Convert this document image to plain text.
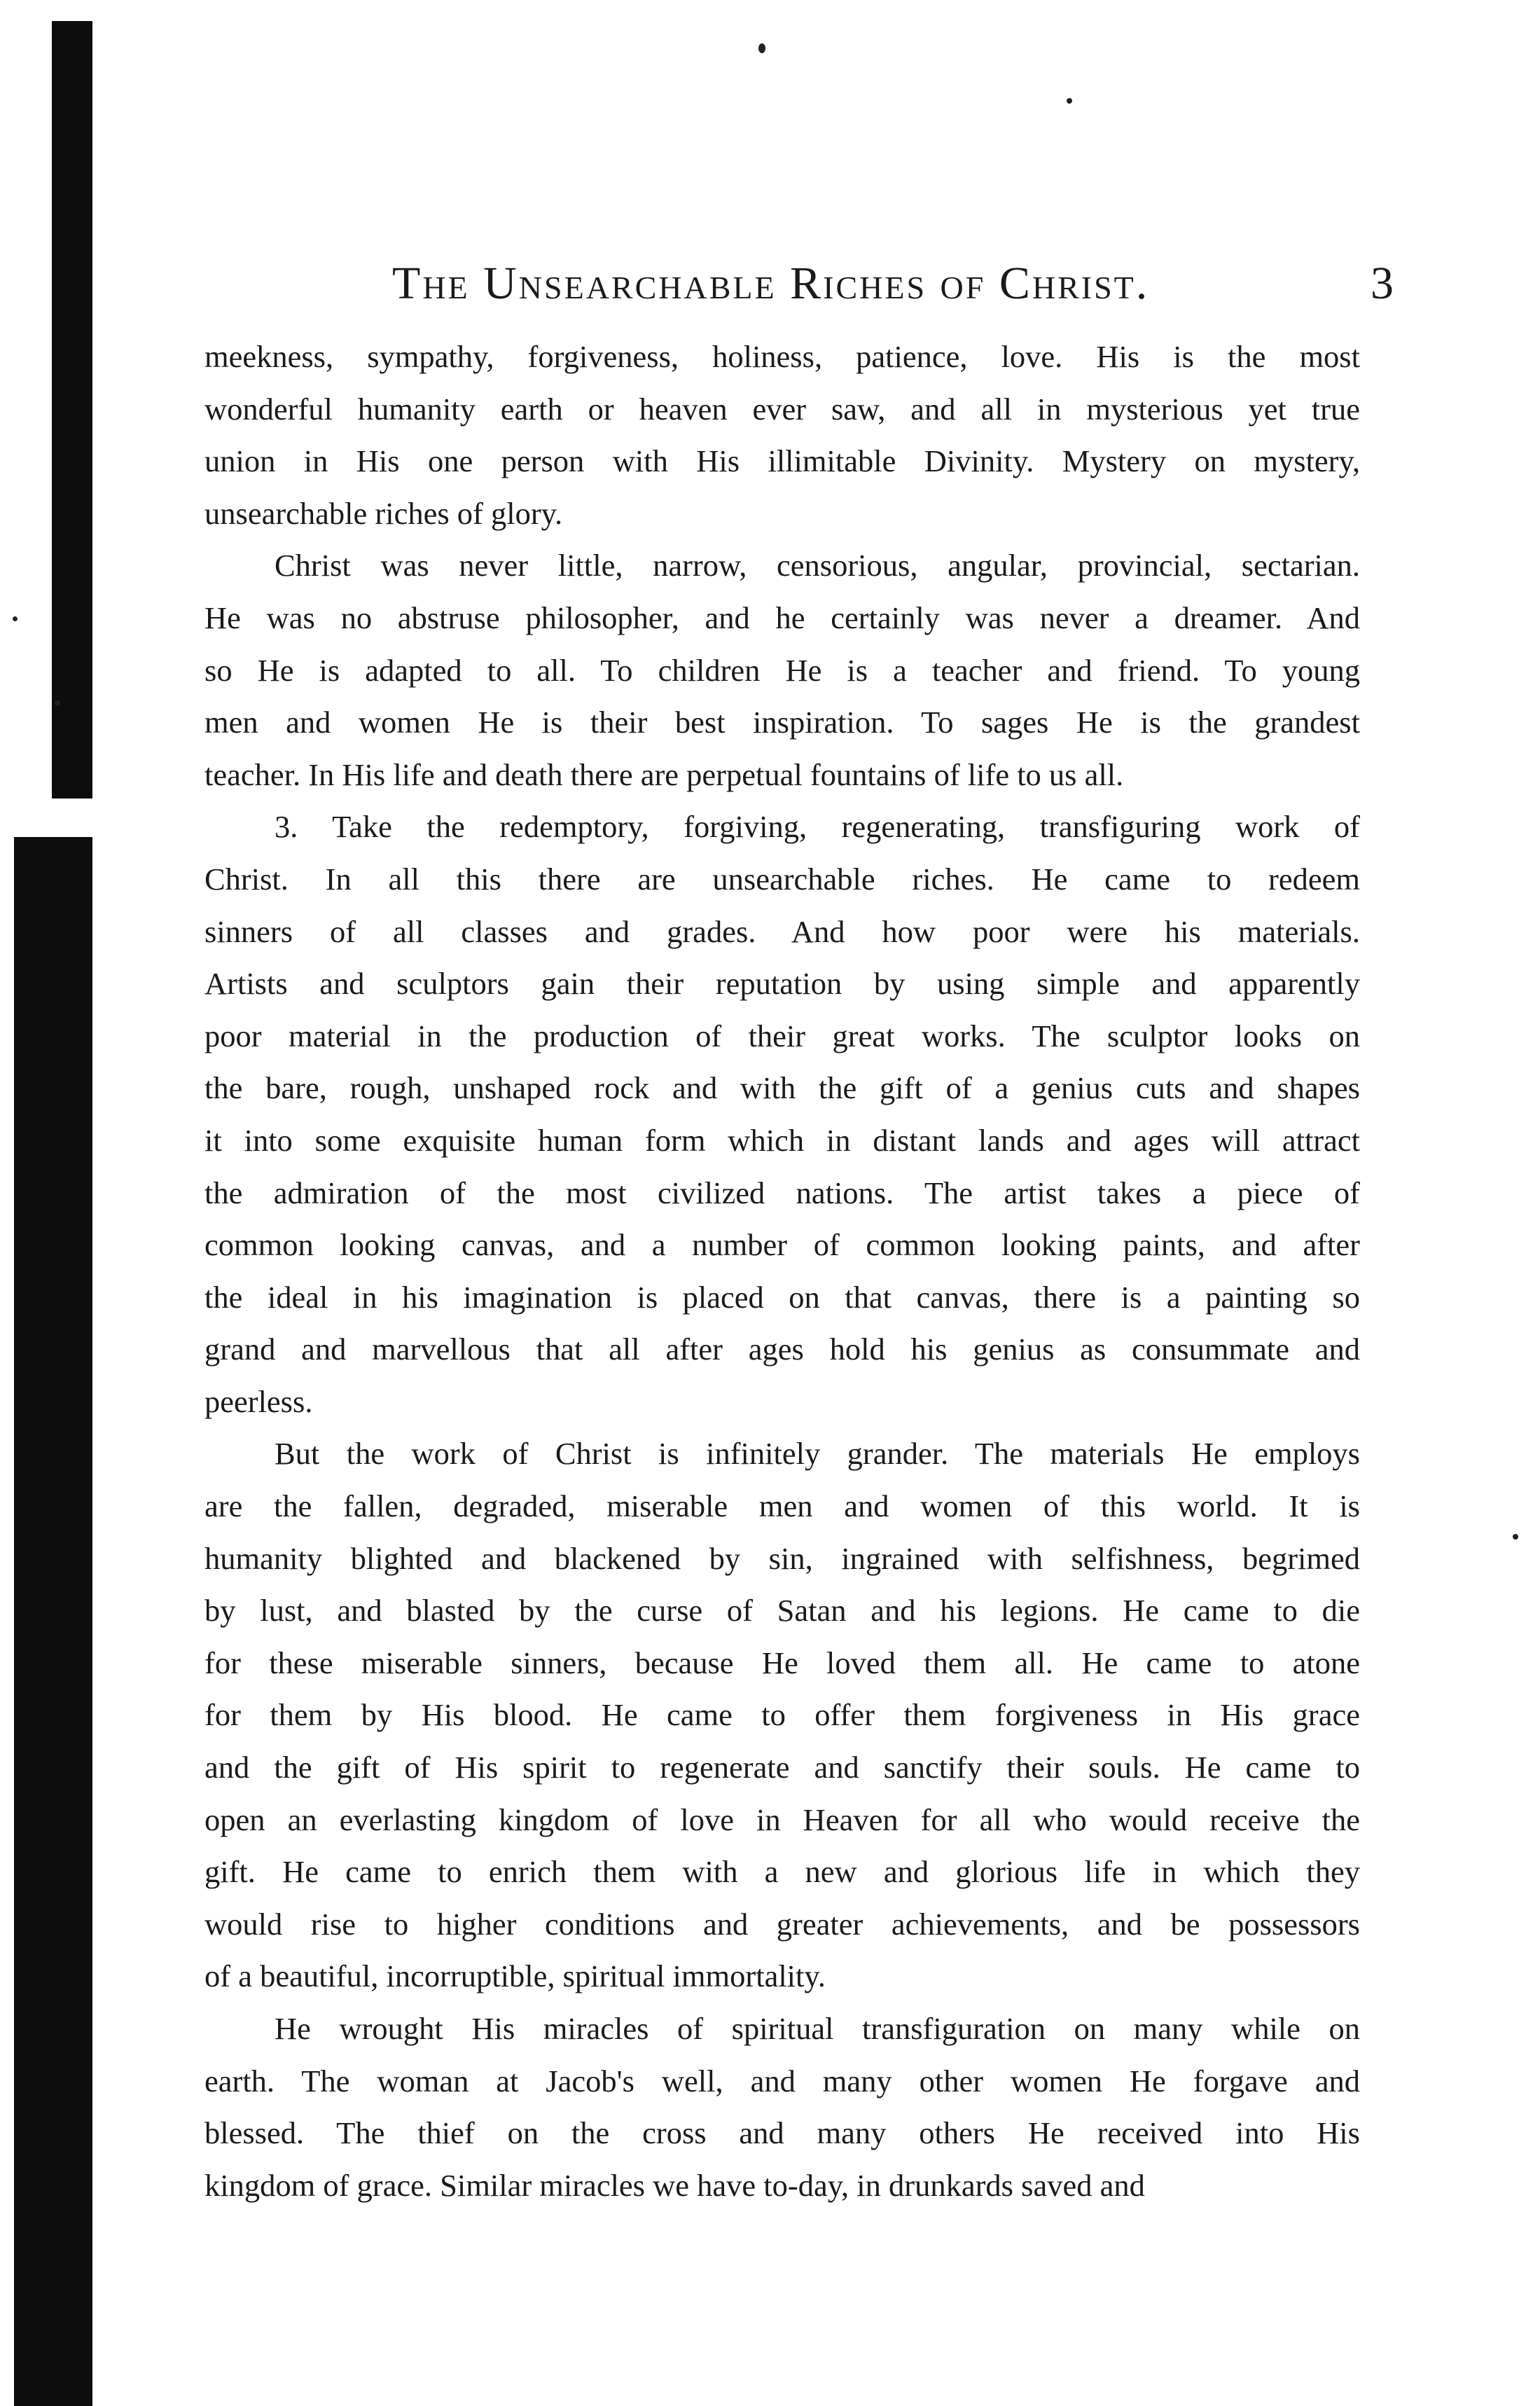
The Unsearchable Riches of Christ.	3
meekness, sympathy, forgiveness, holiness, patience, love. His is the most
wonderful humanity earth or heaven ever saw, and all in mysterious yet true
union in His one person with His illimitable Divinity. Mystery on mystery,
unsearchable riches of glory.
Christ was never little, narrow, censorious, angular, provincial, sectarian.
He was no abstruse philosopher, and he certainly was never a dreamer. And
so He is adapted to all. To children He is a teacher and friend. To young
men and women He is their best inspiration. To sages He is the grandest
teacher. In His life and death there are perpetual fountains of life to us all.
3. Take the redemptory, forgiving, regenerating, transfiguring work of
Christ. In all this there are unsearchable riches. He came to redeem
sinners of all classes and grades. And how poor were his materials.
Artists and sculptors gain their reputation by using simple and apparently
poor material in the production of their great works. The sculptor looks on
the bare, rough, unshaped rock and with the gift of a genius cuts and shapes
it into some exquisite human form which in distant lands and ages will attract
the admiration of the most civilized nations. The artist takes a piece of
common looking canvas, and a number of common looking paints, and after
the ideal in his imagination is placed on that canvas, there is a painting so
grand and marvellous that all after ages hold his genius as consummate and
peerless.
But the work of Christ is infinitely grander. The materials He employs
are the fallen, degraded, miserable men and women of this world. It is
humanity blighted and blackened by sin, ingrained with selfishness, begrimed
by lust, and blasted by the curse of Satan and his legions. He came to die
for these miserable sinners, because He loved them all. He came to atone
for them by His blood. He came to offer them forgiveness in His grace
and the gift of His spirit to regenerate and sanctify their souls. He came to
open an everlasting kingdom of love in Heaven for all who would receive the
gift. He came to enrich them with a new and glorious life in which they
would rise to higher conditions and greater achievements, and be possessors
of a beautiful, incorruptible, spiritual immortality.
He wrought His miracles of spiritual transfiguration on many while on
earth. The woman at Jacob's well, and many other women He forgave and
blessed. The thief on the cross and many others He received into His
kingdom of grace. Similar miracles we have to-day, in drunkards saved and
